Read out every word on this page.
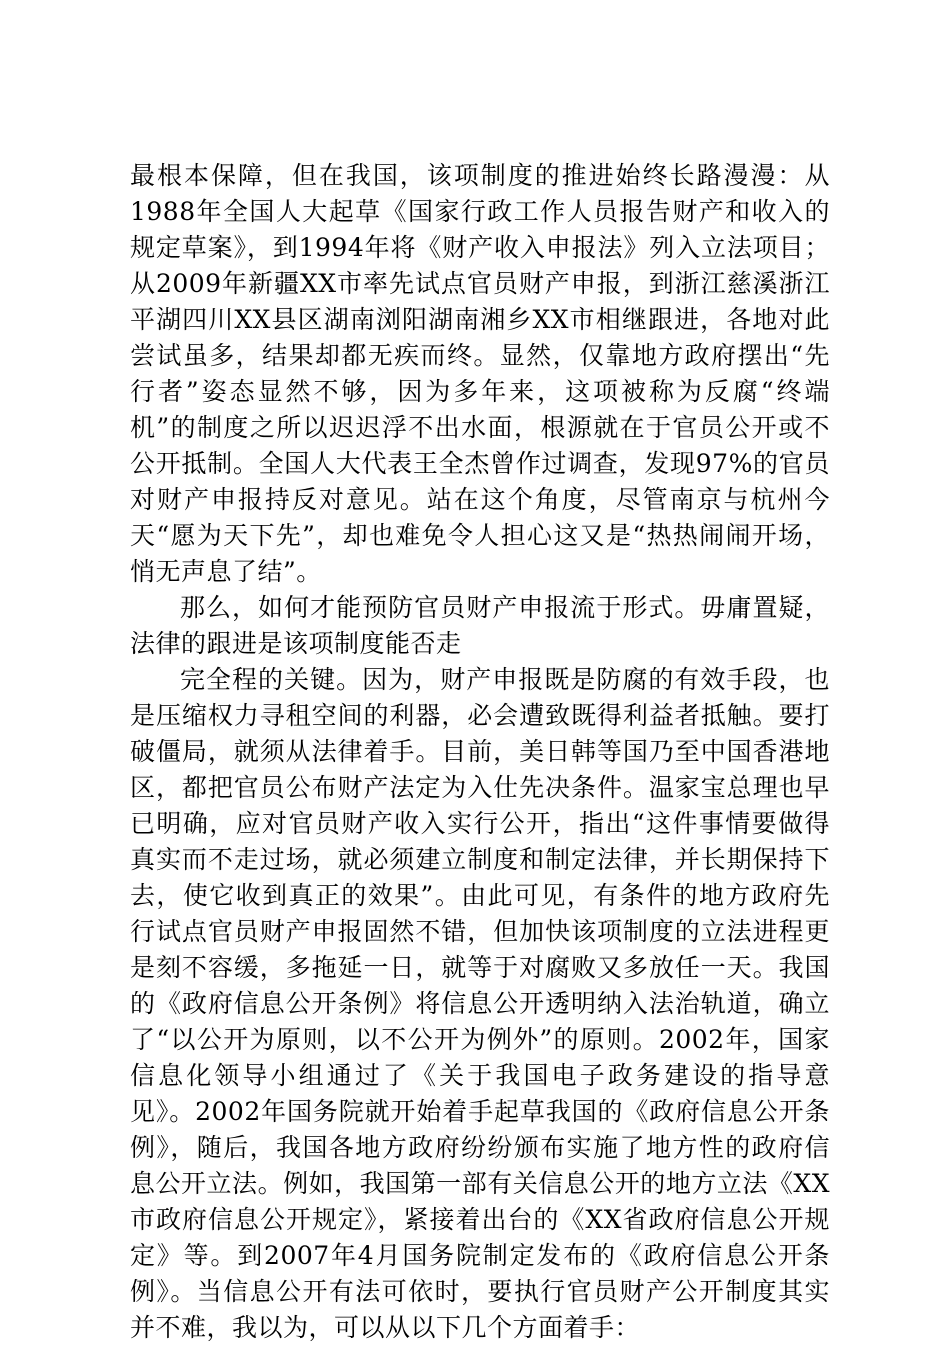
最根本保障，但在我国，该项制度的推进始终长路漫漫：从1988年全国人大起草《国家行政工作人员报告财产和收入的规定草案》，到1994年将《财产收入申报法》列入立法项目；从2009年新疆XX市率先试点官员财产申报，到浙江慈溪浙江平湖四川XX县区湖南浏阳湖南湘乡XX市相继跟进，各地对此尝试虽多，结果却都无疾而终。显然，仅靠地方政府摆出“先行者”姿态显然不够，因为多年来，这项被称为反腐“终端机”的制度之所以迟迟浮不出水面，根源就在于官员公开或不公开抵制。全国人大代表王全杰曾作过调查，发现97%的官员对财产申报持反对意见。站在这个角度，尽管南京与杭州今天“愿为天下先”，却也难免令人担心这又是“热热闹闹开场，悄无声息了结”。

那么，如何才能预防官员财产申报流于形式。毋庸置疑，法律的跟进是该项制度能否走

完全程的关键。因为，财产申报既是防腐的有效手段，也是压缩权力寻租空间的利器，必会遭致既得利益者抵触。要打破僵局，就须从法律着手。目前，美日韩等国乃至中国香港地区，都把官员公布财产法定为入仕先决条件。温家宝总理也早已明确，应对官员财产收入实行公开，指出“这件事情要做得真实而不走过场，就必须建立制度和制定法律，并长期保持下去，使它收到真正的效果”。由此可见，有条件的地方政府先行试点官员财产申报固然不错，但加快该项制度的立法进程更是刻不容缓，多拖延一日，就等于对腐败又多放任一天。我国的《政府信息公开条例》将信息公开透明纳入法治轨道，确立了“以公开为原则，以不公开为例外”的原则。2002年，国家信息化领导小组通过了《关于我国电子政务建设的指导意见》。2002年国务院就开始着手起草我国的《政府信息公开条例》，随后，我国各地方政府纷纷颁布实施了地方性的政府信息公开立法。例如，我国第一部有关信息公开的地方立法《XX市政府信息公开规定》，紧接着出台的《XX省政府信息公开规定》等。到2007年4月国务院制定发布的《政府信息公开条例》。当信息公开有法可依时，要执行官员财产公开制度其实并不难，我以为，可以从以下几个方面着手：
